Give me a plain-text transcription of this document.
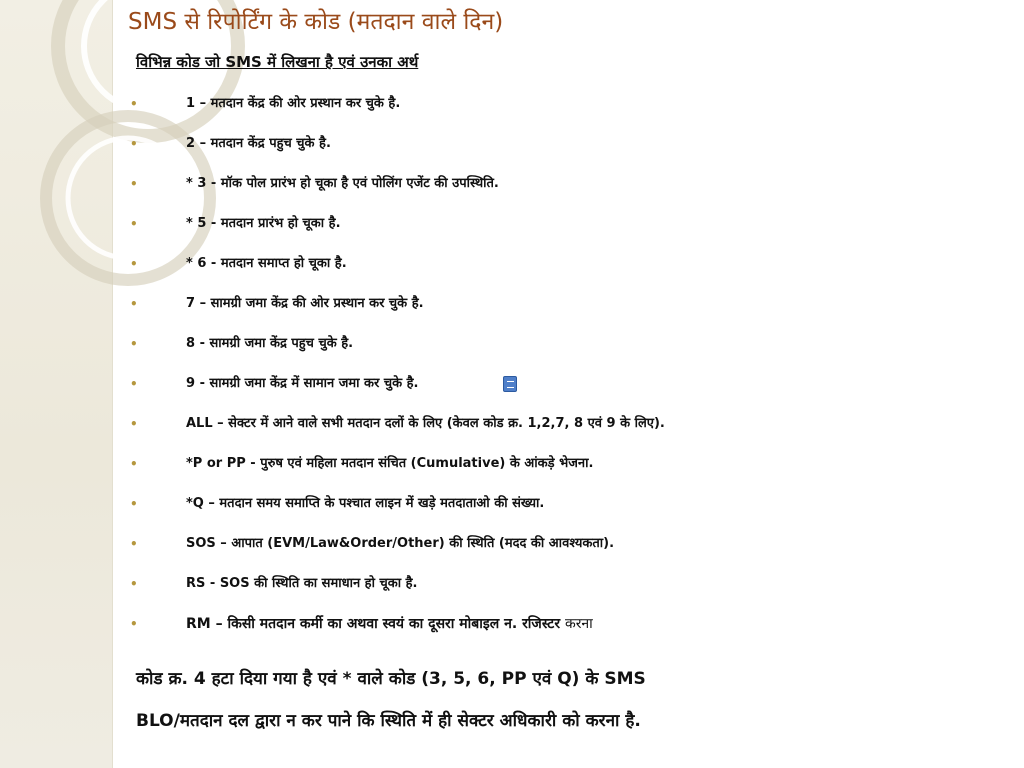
SMS से रिपोर्टिंग के कोड (मतदान वाले दिन)
विभिन्न कोड जो SMS में लिखना है एवं उनका अर्थ
•	1 – मतदान केंद्र की ओर प्रस्थान कर चुके है.
•	2 – मतदान केंद्र पहुच चुके है.
•	* 3 - मॉक पोल प्रारंभ हो चूका है एवं पोलिंग एजेंट की उपस्थिति.
•	* 5 - मतदान प्रारंभ हो चूका है.
•	* 6 - मतदान समाप्त हो चूका है.
•	7 – सामग्री जमा केंद्र की ओर प्रस्थान कर चुके है.
•	8 - सामग्री जमा केंद्र पहुच चुके है.
•	9 - सामग्री जमा केंद्र में सामान जमा कर चुके है.
•	ALL – सेक्टर में आने वाले सभी मतदान दलों के लिए (केवल कोड क्र. 1,2,7, 8 एवं 9 के लिए).
•	*P or PP - पुरुष एवं महिला मतदान संचित (Cumulative) के आंकड़े भेजना.
•	*Q – मतदान समय समाप्ति के पश्चात लाइन में खड़े मतदाताओ की संख्या.
•	SOS – आपात (EVM/Law&Order/Other) की स्थिति (मदद की आवश्यकता).
•	RS - SOS की स्थिति का समाधान हो चूका है.
•	RM – किसी मतदान कर्मी का अथवा स्वयं का दूसरा मोबाइल न. रजिस्टर करना

कोड क्र. 4 हटा दिया गया है एवं * वाले कोड (3, 5, 6, PP एवं Q) के SMS

BLO/मतदान दल द्वारा न कर पाने कि स्थिति में ही सेक्टर अधिकारी को करना है.
